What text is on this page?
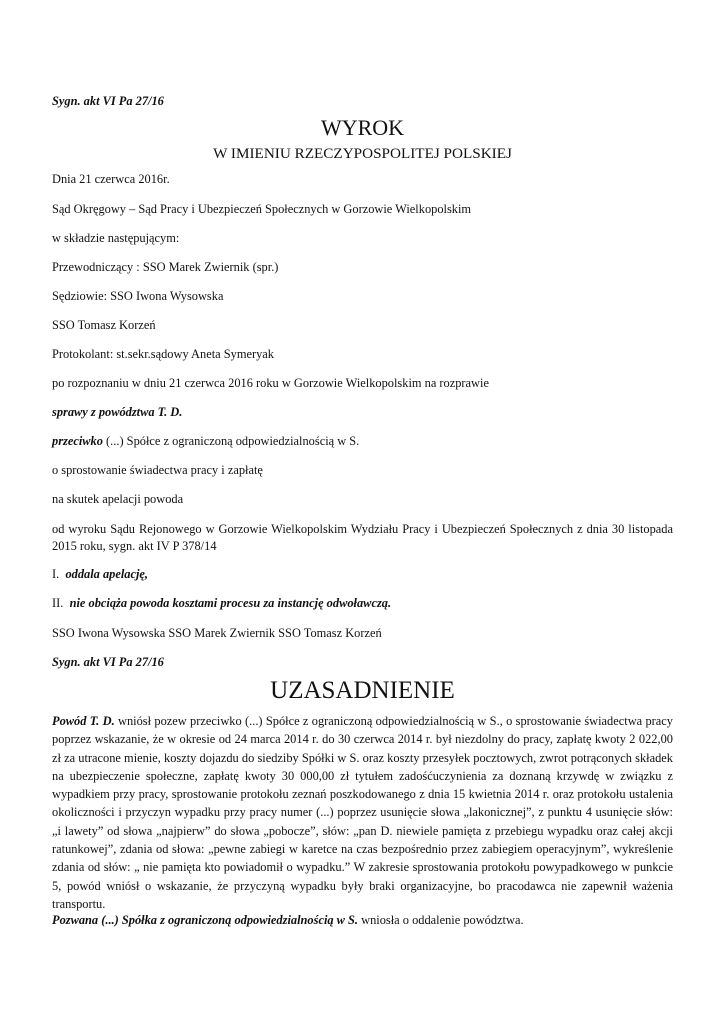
Sygn. akt VI Pa 27/16

WYROK

W IMIENIU RZECZYPOSPOLITEJ POLSKIEJ

Dnia 21 czerwca 2016r.

Sąd Okręgowy – Sąd Pracy i Ubezpieczeń Społecznych w Gorzowie Wielkopolskim

w składzie następującym:

Przewodniczący : SSO Marek Zwiernik (spr.)

Sędziowie: SSO Iwona Wysowska

SSO Tomasz Korzeń

Protokolant: st.sekr.sądowy Aneta Symeryak

po rozpoznaniu w dniu 21 czerwca 2016 roku w Gorzowie Wielkopolskim na rozprawie

sprawy z powództwa T. D.

przeciwko (...) Spółce z ograniczoną odpowiedzialnością w S.

o sprostowanie świadectwa pracy i zapłatę

na skutek apelacji powoda

od wyroku Sądu Rejonowego w Gorzowie Wielkopolskim Wydziału Pracy i Ubezpieczeń Społecznych z dnia 30 listopada 2015 roku, sygn. akt IV P 378/14

I. oddala apelację,

II. nie obciąża powoda kosztami procesu za instancję odwoławczą.

SSO Iwona Wysowska SSO Marek Zwiernik SSO Tomasz Korzeń

Sygn. akt VI Pa 27/16

UZASADNIENIE

Powód T. D. wniósł pozew przeciwko (...) Spółce z ograniczoną odpowiedzialnością w S., o sprostowanie świadectwa pracy poprzez wskazanie, że w okresie od 24 marca 2014 r. do 30 czerwca 2014 r. był niezdolny do pracy, zapłatę kwoty 2 022,00 zł za utracone mienie, koszty dojazdu do siedziby Spółki w S. oraz koszty przesyłek pocztowych, zwrot potrąconych składek na ubezpieczenie społeczne, zapłatę kwoty 30 000,00 zł tytułem zadośćuczynienia za doznaną krzywdę w związku z wypadkiem przy pracy, sprostowanie protokołu zeznań poszkodowanego z dnia 15 kwietnia 2014 r. oraz protokołu ustalenia okoliczności i przyczyn wypadku przy pracy numer (...) poprzez usunięcie słowa „lakonicznej”, z punktu 4 usunięcie słów: „i lawety” od słowa „najpierw” do słowa „pobocze”, słów: „pan D. niewiele pamięta z przebiegu wypadku oraz całej akcji ratunkowej”, zdania od słowa: „pewne zabiegi w karetce na czas bezpośrednio przez zabiegiem operacyjnym”, wykreślenie zdania od słów: „ nie pamięta kto powiadomił o wypadku.” W zakresie sprostowania protokołu powypadkowego w punkcie 5, powód wniósł o wskazanie, że przyczyną wypadku były braki organizacyjne, bo pracodawca nie zapewnił ważenia transportu.

Pozwana (...) Spółka z ograniczoną odpowiedzialnością w S. wniosła o oddalenie powództwa.
